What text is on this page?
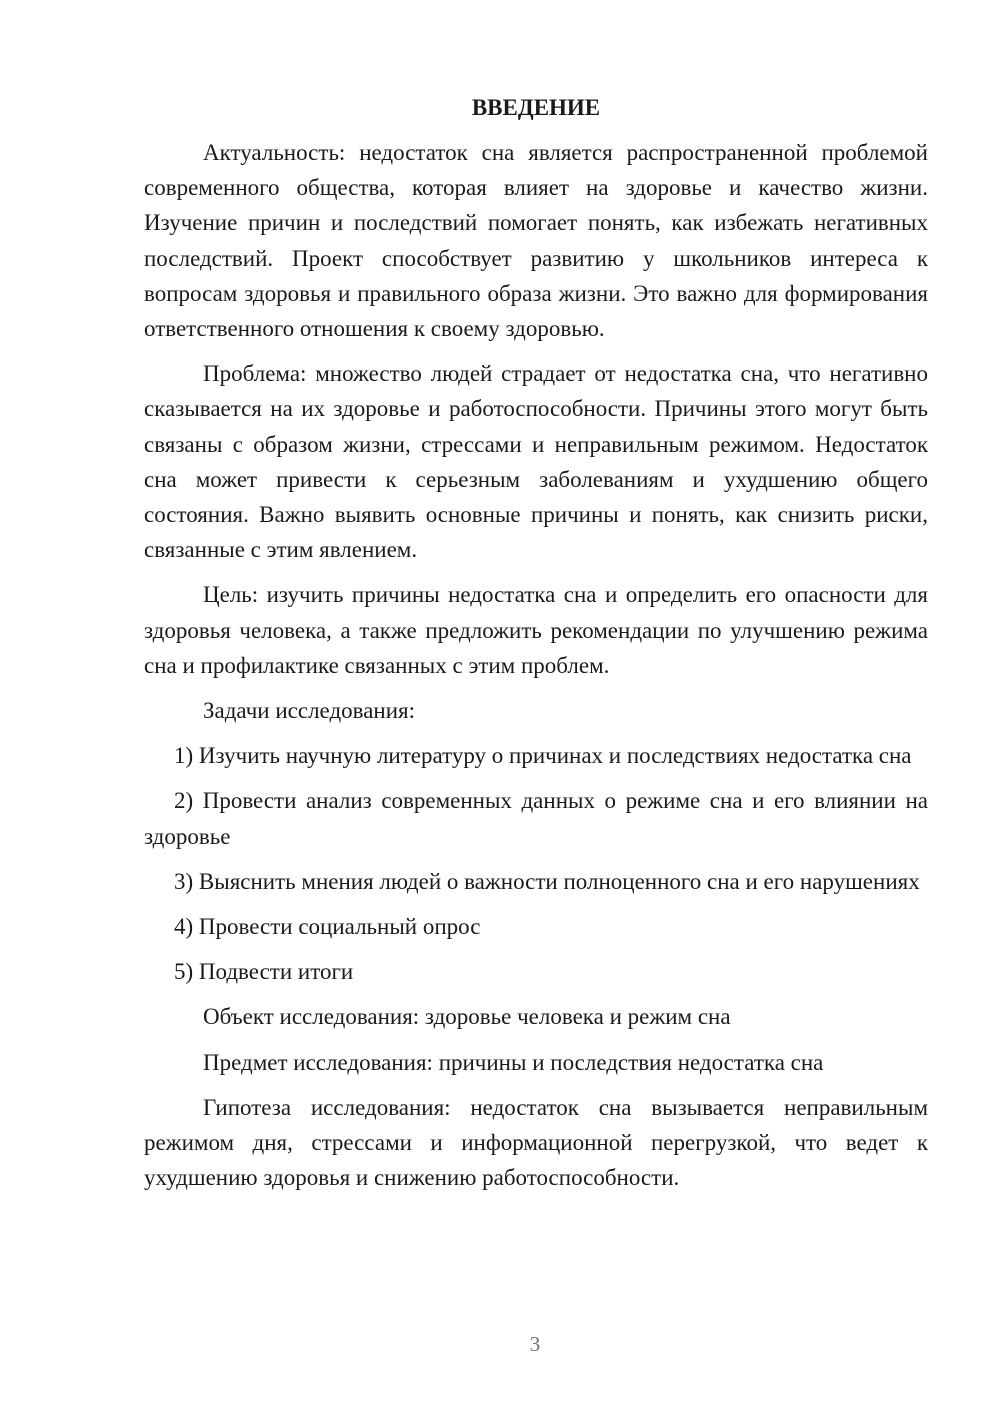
ВВЕДЕНИЕ

Актуальность: недостаток сна является распространенной проблемой современного общества, которая влияет на здоровье и качество жизни. Изучение причин и последствий помогает понять, как избежать негативных последствий. Проект способствует развитию у школьников интереса к вопросам здоровья и правильного образа жизни. Это важно для формирования ответственного отношения к своему здоровью.

Проблема: множество людей страдает от недостатка сна, что негативно сказывается на их здоровье и работоспособности. Причины этого могут быть связаны с образом жизни, стрессами и неправильным режимом. Недостаток сна может привести к серьезным заболеваниям и ухудшению общего состояния. Важно выявить основные причины и понять, как снизить риски, связанные с этим явлением.

Цель: изучить причины недостатка сна и определить его опасности для здоровья человека, а также предложить рекомендации по улучшению режима сна и профилактике связанных с этим проблем.

Задачи исследования:

1) Изучить научную литературу о причинах и последствиях недостатка сна

2) Провести анализ современных данных о режиме сна и его влиянии на здоровье

3) Выяснить мнения людей о важности полноценного сна и его нарушениях

4) Провести социальный опрос

5) Подвести итоги

Объект исследования: здоровье человека и режим сна

Предмет исследования: причины и последствия недостатка сна

Гипотеза исследования: недостаток сна вызывается неправильным режимом дня, стрессами и информационной перегрузкой, что ведет к ухудшению здоровья и снижению работоспособности.

3
